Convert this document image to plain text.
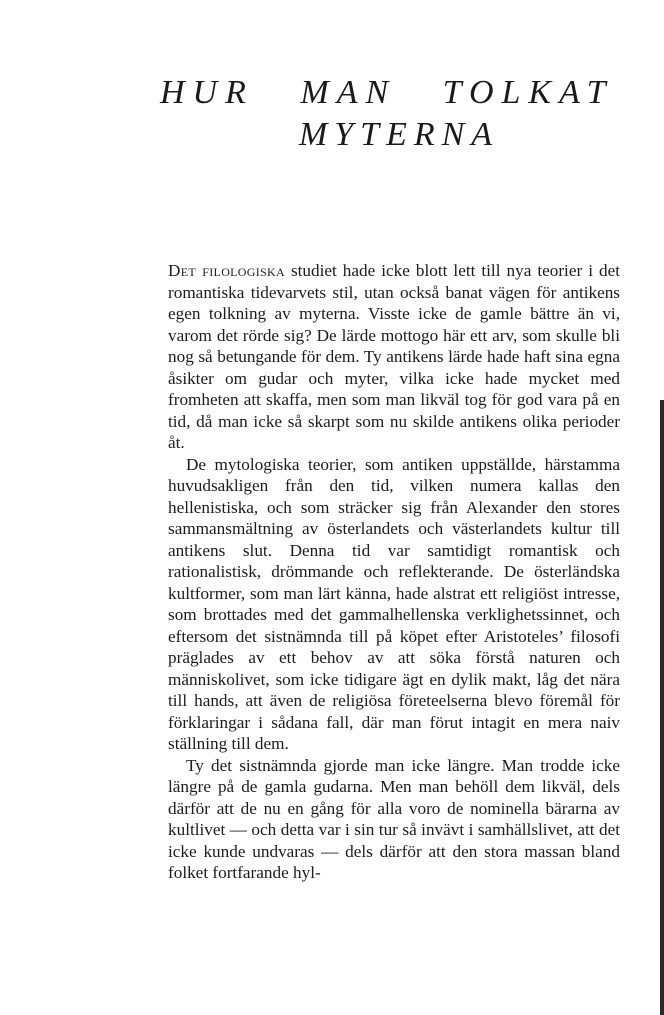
HUR MAN TOLKAT
MYTERNA

Det filologiska studiet hade icke blott lett till nya teorier i det romantiska tidevarvets stil, utan också banat vägen för antikens egen tolkning av myterna. Visste icke de gamle bättre än vi, varom det rörde sig? De lärde mottogo här ett arv, som skulle bli nog så betungande för dem. Ty antikens lärde hade haft sina egna åsikter om gudar och myter, vilka icke hade mycket med fromheten att skaffa, men som man likväl tog för god vara på en tid, då man icke så skarpt som nu skilde antikens olika perioder åt.

De mytologiska teorier, som antiken uppställde, härstamma huvudsakligen från den tid, vilken numera kallas den hellenistiska, och som sträcker sig från Alexander den stores sammansmältning av österlandets och västerlandets kultur till antikens slut. Denna tid var samtidigt romantisk och rationalistisk, drömmande och reflekterande. De österländska kultformer, som man lärt känna, hade alstrat ett religiöst intresse, som brottades med det gammalhellenska verklighetssinnet, och eftersom det sistnämnda till på köpet efter Aristoteles’ filosofi präglades av ett behov av att söka förstå naturen och människolivet, som icke tidigare ägt en dylik makt, låg det nära till hands, att även de religiösa företeelserna blevo föremål för förklaringar i sådana fall, där man förut intagit en mera naiv ställning till dem.

Ty det sistnämnda gjorde man icke längre. Man trodde icke längre på de gamla gudarna. Men man behöll dem likväl, dels därför att de nu en gång för alla voro de nominella bärarna av kultlivet — och detta var i sin tur så invävt i samhällslivet, att det icke kunde undvaras — dels därför att den stora massan bland folket fortfarande hyl-
